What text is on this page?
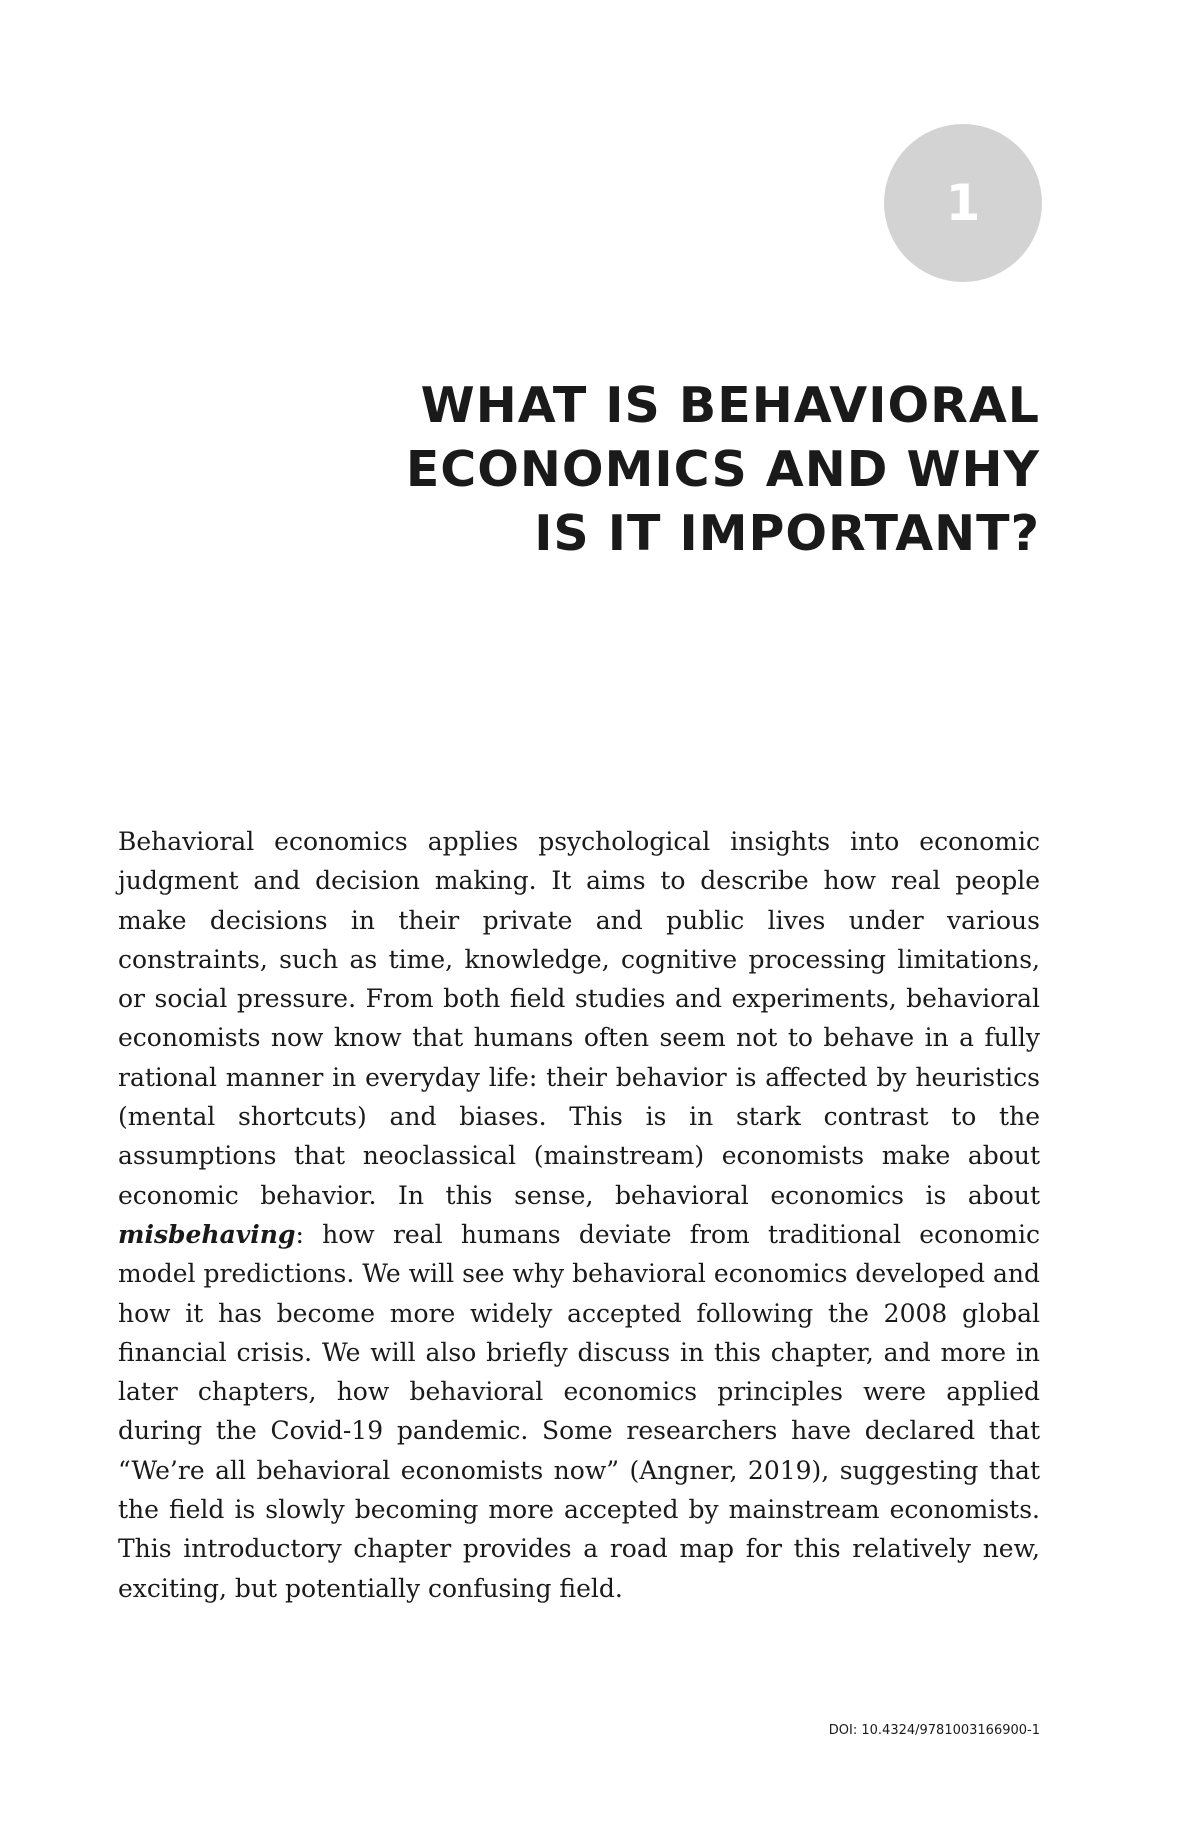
1
WHAT IS BEHAVIORAL
ECONOMICS AND WHY
IS IT IMPORTANT?

Behavioral economics applies psychological insights into economic judgment and decision making. It aims to describe how real people make decisions in their private and public lives under various constraints, such as time, knowledge, cognitive processing limitations, or social pressure. From both field studies and experiments, behavioral economists now know that humans often seem not to behave in a fully rational manner in everyday life: their behavior is affected by heuristics (mental shortcuts) and biases. This is in stark contrast to the assumptions that neoclassical (mainstream) economists make about economic behavior. In this sense, behavioral economics is about misbehaving: how real humans deviate from traditional economic model predictions. We will see why behavioral economics developed and how it has become more widely accepted following the 2008 global financial crisis. We will also briefly discuss in this chapter, and more in later chapters, how behavioral economics principles were applied during the Covid-19 pandemic. Some researchers have declared that “We’re all behavioral economists now” (Angner, 2019), suggesting that the field is slowly becoming more accepted by mainstream economists. This introductory chapter provides a road map for this relatively new, exciting, but potentially confusing field.

DOI: 10.4324/9781003166900-1
